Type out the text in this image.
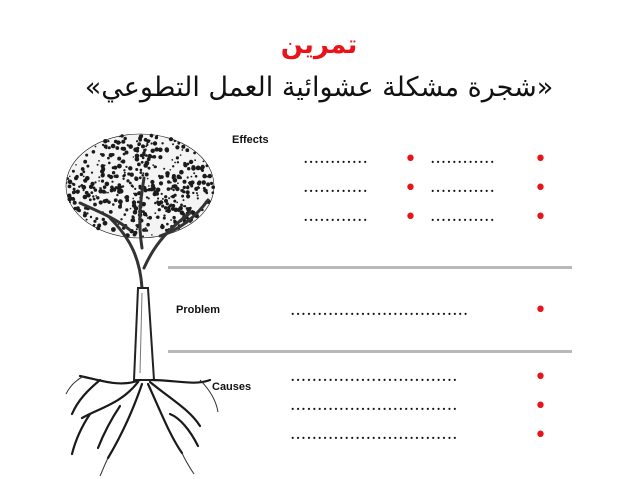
تمرين
«شجرة مشكلة عشوائية العمل التطوعي»
Effects
Problem
Causes
............ • ............ •
............ • ............ •
............ • ............ •
.................................	•
...............................	•
...............................	•
...............................	•
